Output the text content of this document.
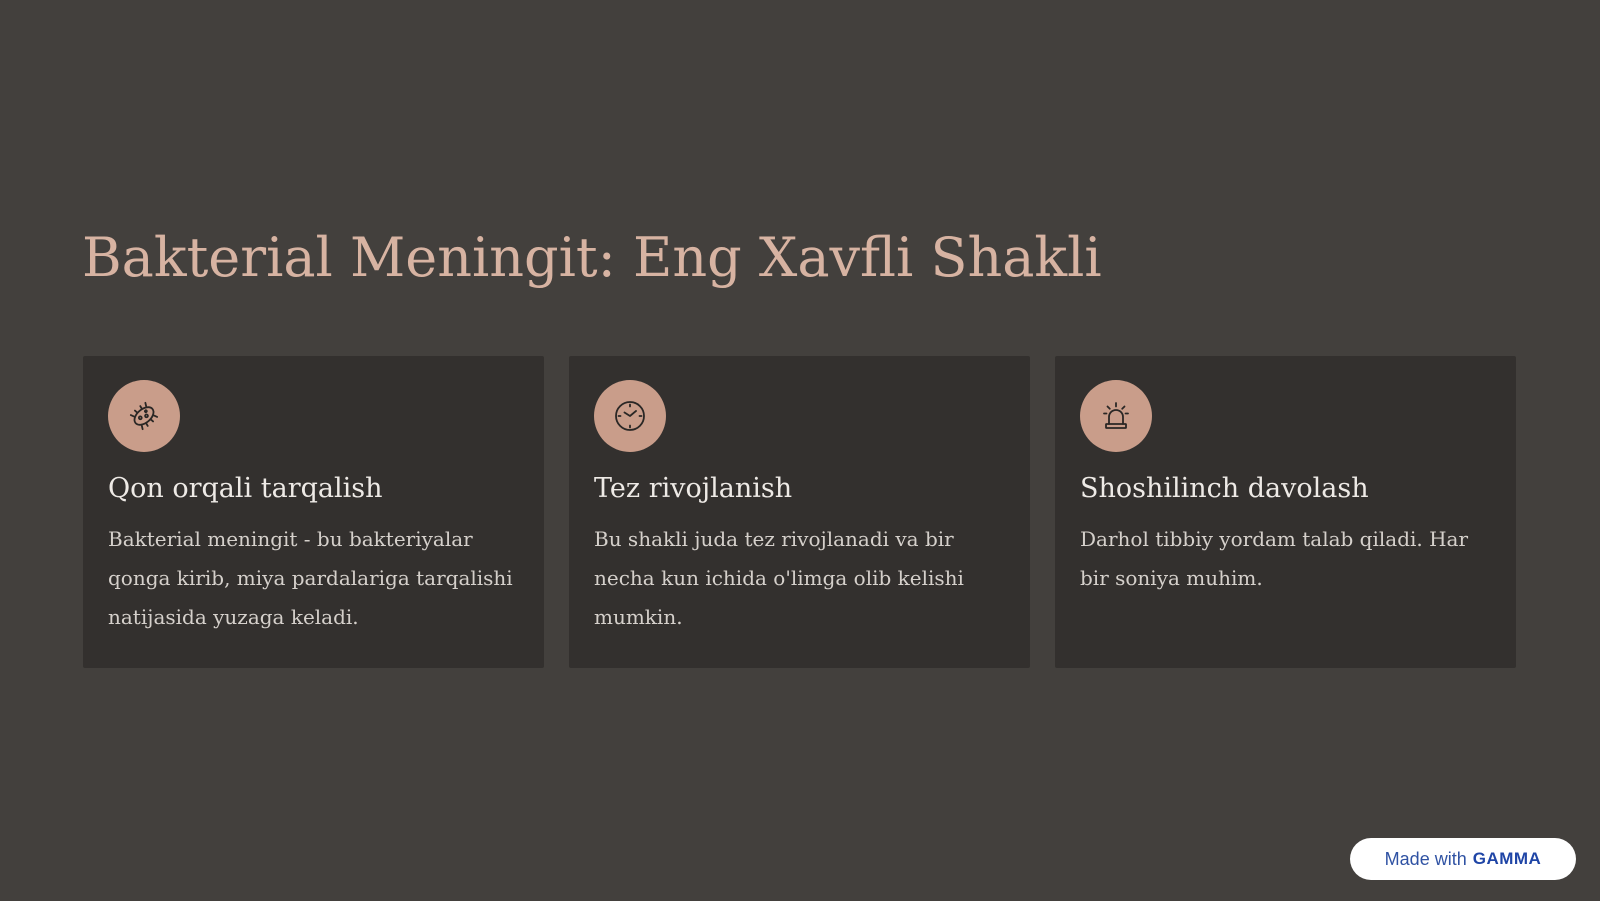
Bakterial Meningit: Eng Xavfli Shakli
Qon orqali tarqalish

Bakterial meningit - bu bakteriyalar qonga kirib, miya pardalariga tarqalishi natijasida yuzaga keladi.

Tez rivojlanish

Bu shakli juda tez rivojlanadi va bir necha kun ichida o'limga olib kelishi mumkin.

Shoshilinch davolash

Darhol tibbiy yordam talab qiladi. Har bir soniya muhim.

Made with GAMMA
